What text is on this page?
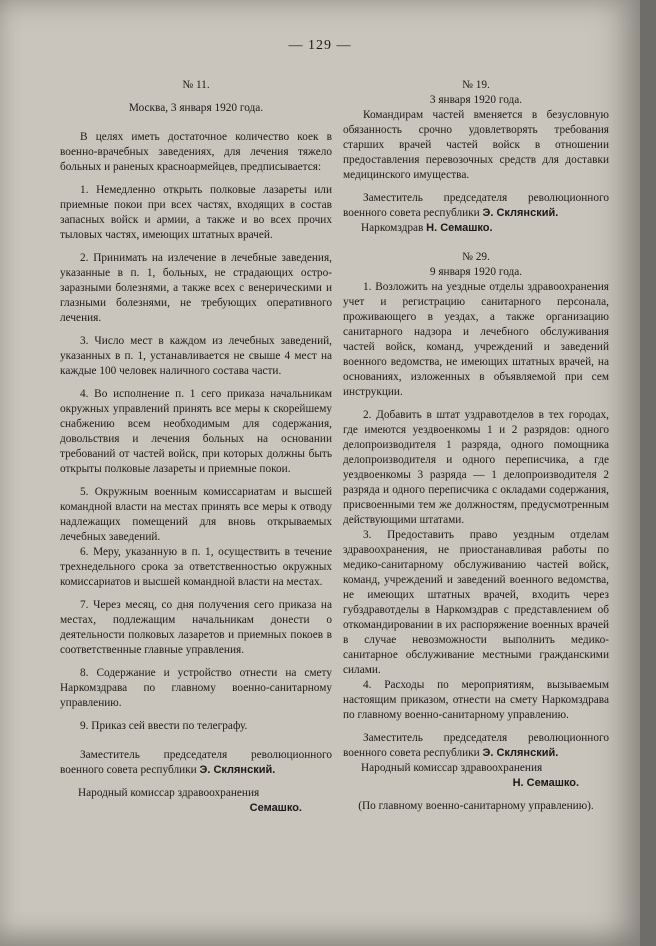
— 129 —
№ 11.
Москва, 3 января 1920 года.
В целях иметь достаточное количество коек в военно-врачебных заведениях, для лечения тяжело больных и раненых красноармейцев, предписывается:
1. Немедленно открыть полковые лазареты или приемные покои при всех частях, входящих в состав запасных войск и армии, а также и во всех прочих тыловых частях, имеющих штатных врачей.
2. Принимать на излечение в лечебные заведения, указанные в п. 1, больных, не страдающих остро-заразными болезнями, а также всех с венерическими и глазными болезнями, не требующих оперативного лечения.
3. Число мест в каждом из лечебных заведений, указанных в п. 1, устанавливается не свыше 4 мест на каждые 100 человек наличного состава части.
4. Во исполнение п. 1 сего приказа начальникам окружных управлений принять все меры к скорейшему снабжению всем необходимым для содержания, довольствия и лечения больных на основании требований от частей войск, при которых должны быть открыты полковые лазареты и приемные покои.
5. Окружным военным комиссариатам и высшей командной власти на местах принять все меры к отводу надлежащих помещений для вновь открываемых лечебных заведений.
6. Меру, указанную в п. 1, осуществить в течение трехнедельного срока за ответственностью окружных комиссариатов и высшей командной власти на местах.
7. Через месяц, со дня получения сего приказа на местах, подлежащим начальникам донести о деятельности полковых лазаретов и приемных покоев в соответственные главные управления.
8. Содержание и устройство отнести на смету Наркомздрава по главному военно-санитарному управлению.
9. Приказ сей ввести по телеграфу.
Заместитель председателя революционного военного совета республики Э. Склянский.
Народный комиссар здравоохранения
Семашко.
№ 19.
3 января 1920 года.
Командирам частей вменяется в безусловную обязанность срочно удовлетворять требования старших врачей частей войск в отношении предоставления перевозочных средств для доставки медицинского имущества.
Заместитель председателя революционного военного совета республики Э. Склянский.
Наркомздрав Н. Семашко.
№ 29.
9 января 1920 года.
1. Возложить на уездные отделы здравоохранения учет и регистрацию санитарного персонала, проживающего в уездах, а также организацию санитарного надзора и лечебного обслуживания частей войск, команд, учреждений и заведений военного ведомства, не имеющих штатных врачей, на основаниях, изложенных в объявляемой при сем инструкции.
2. Добавить в штат уздравотделов в тех городах, где имеются уездвоенкомы 1 и 2 разрядов: одного делопроизводителя 1 разряда, одного помощника делопроизводителя и одного переписчика, а где уездвоенкомы 3 разряда — 1 делопроизводителя 2 разряда и одного переписчика с окладами содержания, присвоенными тем же должностям, предусмотренным действующими штатами.
3. Предоставить право уездным отделам здравоохранения, не приостанавливая работы по медико-санитарному обслуживанию частей войск, команд, учреждений и заведений военного ведомства, не имеющих штатных врачей, входить через губздравотделы в Наркомздрав с представлением об откомандировании в их распоряжение военных врачей в случае невозможности выполнить медико-санитарное обслуживание местными гражданскими силами.
4. Расходы по мероприятиям, вызываемым настоящим приказом, отнести на смету Наркомздрава по главному военно-санитарному управлению.
Заместитель председателя революционного военного совета республики Э. Склянский.
Народный комиссар здравоохранения
Н. Семашко.
(По главному военно-санитарному управлению).
